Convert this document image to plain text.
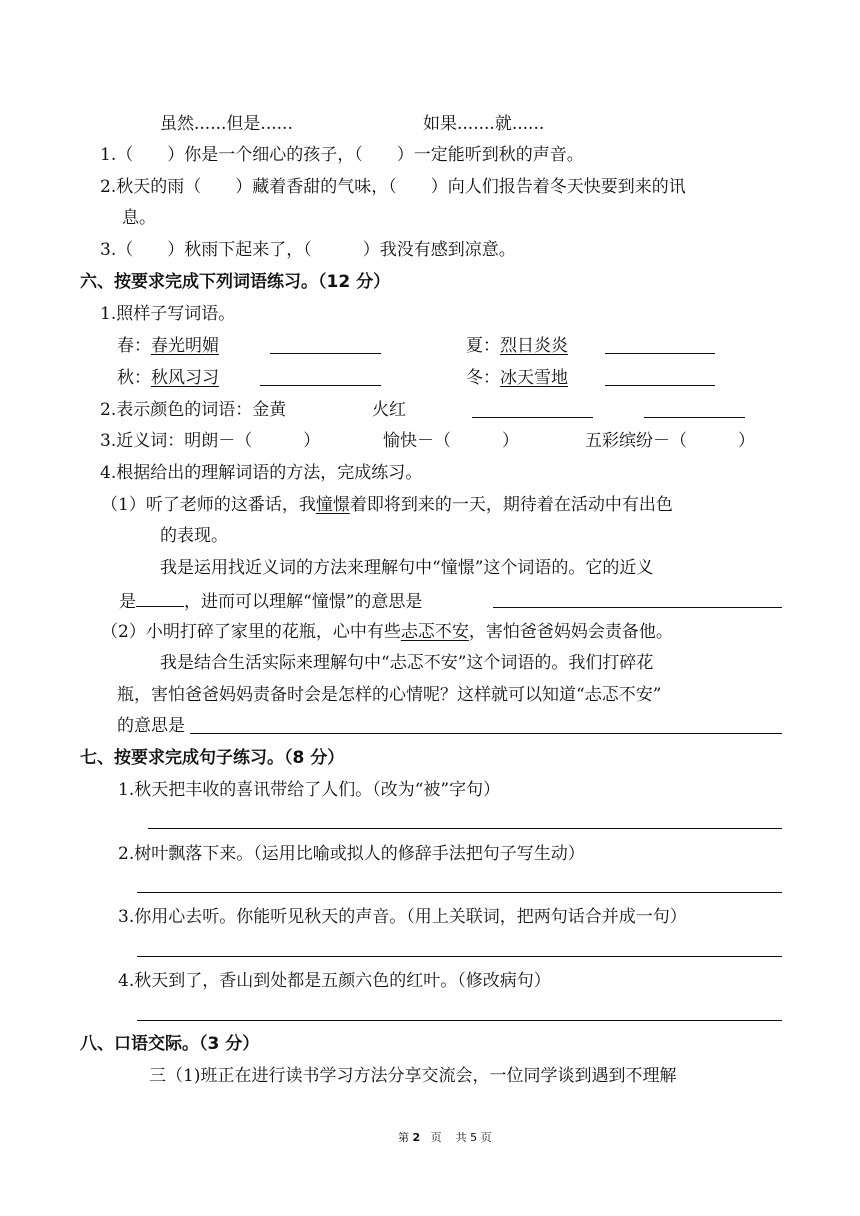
虽然......但是......	如果.......就......
1.（　　）你是一个细心的孩子，（　　）一定能听到秋的声音。
2.秋天的雨（　　）藏着香甜的气味，（　　）向人们报告着冬天快要到来的讯
息。
3.（　　）秋雨下起来了，（　　　）我没有感到凉意。
六、按要求完成下列词语练习。（12 分）
1.照样子写词语。
春：春光明媚	夏：烈日炎炎
秋：秋风习习	冬：冰天雪地
2.表示颜色的词语：金黄	火红
3.近义词：明朗－（　　　）	愉快－（　　　）	五彩缤纷－（　　　）
4.根据给出的理解词语的方法，完成练习。
（1）听了老师的这番话，我憧憬着即将到来的一天，期待着在活动中有出色
的表现。
我是运用找近义词的方法来理解句中“憧憬”这个词语的。它的近义
是	，进而可以理解“憧憬”的意思是
（2）小明打碎了家里的花瓶，心中有些忐忑不安，害怕爸爸妈妈会责备他。
我是结合生活实际来理解句中“忐忑不安”这个词语的。我们打碎花
瓶，害怕爸爸妈妈责备时会是怎样的心情呢？这样就可以知道“忐忑不安”
的意思是
七、按要求完成句子练习。（8 分）
1.秋天把丰收的喜讯带给了人们。（改为“被”字句）
2.树叶飘落下来。（运用比喻或拟人的修辞手法把句子写生动）
3.你用心去听。你能听见秋天的声音。（用上关联词，把两句话合并成一句）
4.秋天到了，香山到处都是五颜六色的红叶。（修改病句）
八、口语交际。（3 分）
三（1)班正在进行读书学习方法分享交流会，一位同学谈到遇到不理解
第 2 页 共 5 页
